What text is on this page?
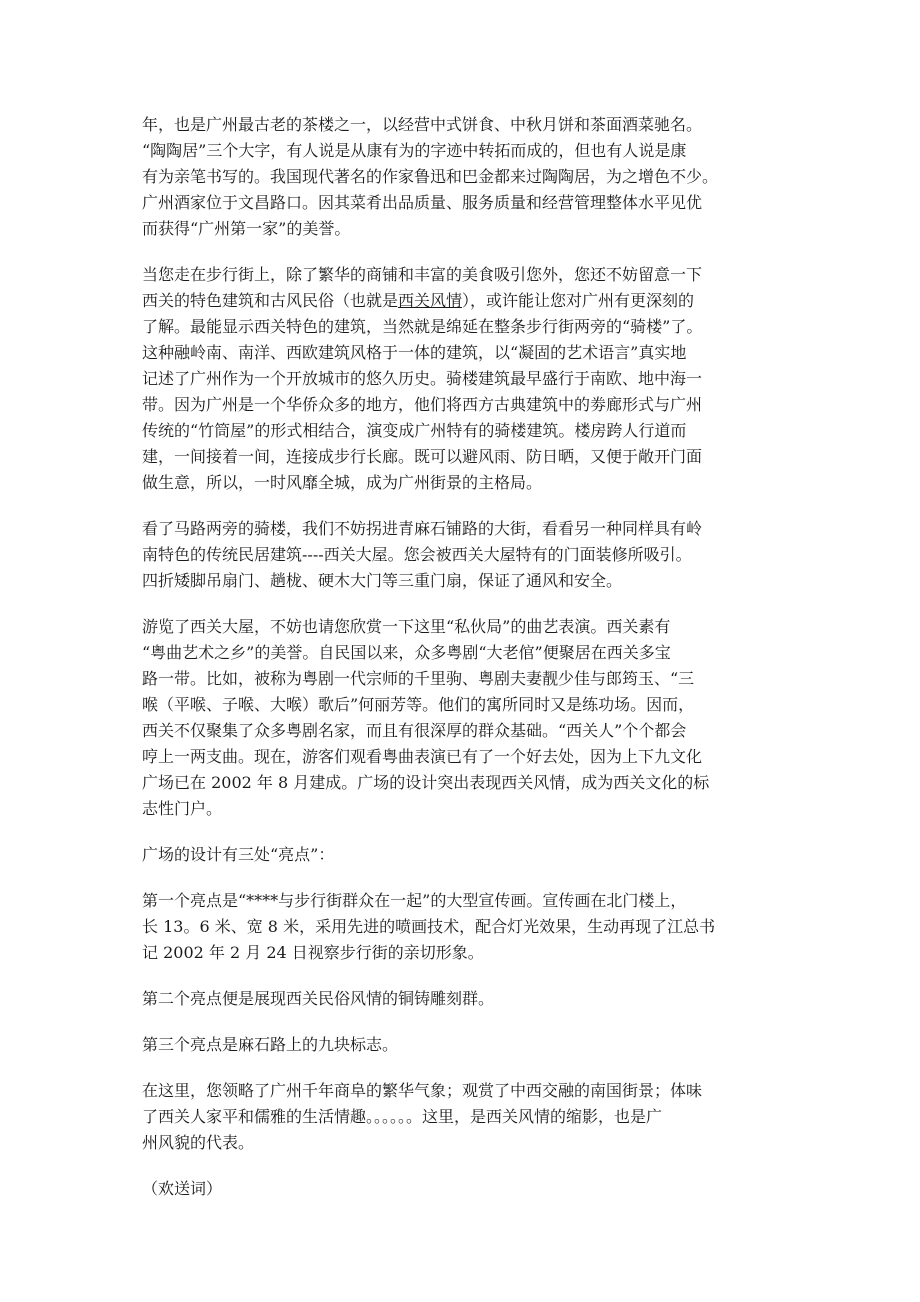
年，也是广州最古老的茶楼之一，以经营中式饼食、中秋月饼和茶面酒菜驰名。
“陶陶居”三个大字，有人说是从康有为的字迹中转拓而成的，但也有人说是康
有为亲笔书写的。我国现代著名的作家鲁迅和巴金都来过陶陶居，为之增色不少。
广州酒家位于文昌路口。因其菜肴出品质量、服务质量和经营管理整体水平见优
而获得“广州第一家”的美誉。

当您走在步行街上，除了繁华的商铺和丰富的美食吸引您外，您还不妨留意一下
西关的特色建筑和古风民俗（也就是西关风情），或许能让您对广州有更深刻的
了解。最能显示西关特色的建筑，当然就是绵延在整条步行街两旁的“骑楼”了。
这种融岭南、南洋、西欧建筑风格于一体的建筑，以“凝固的艺术语言”真实地
记述了广州作为一个开放城市的悠久历史。骑楼建筑最早盛行于南欧、地中海一
带。因为广州是一个华侨众多的地方，他们将西方古典建筑中的劵廊形式与广州
传统的“竹筒屋”的形式相结合，演变成广州特有的骑楼建筑。楼房跨人行道而
建，一间接着一间，连接成步行长廊。既可以避风雨、防日晒，又便于敞开门面
做生意，所以，一时风靡全城，成为广州街景的主格局。

看了马路两旁的骑楼，我们不妨拐进青麻石铺路的大街，看看另一种同样具有岭
南特色的传统民居建筑----西关大屋。您会被西关大屋特有的门面装修所吸引。
四折矮脚吊扇门、趟栊、硬木大门等三重门扇，保证了通风和安全。

游览了西关大屋，不妨也请您欣赏一下这里“私伙局”的曲艺表演。西关素有
“粤曲艺术之乡”的美誉。自民国以来，众多粤剧“大老倌”便聚居在西关多宝
路一带。比如，被称为粤剧一代宗师的千里驹、粤剧夫妻靓少佳与郎筠玉、“三
喉（平喉、子喉、大喉）歌后”何丽芳等。他们的寓所同时又是练功场。因而，
西关不仅聚集了众多粤剧名家，而且有很深厚的群众基础。“西关人”个个都会
哼上一两支曲。现在，游客们观看粤曲表演已有了一个好去处，因为上下九文化
广场已在 2002 年 8 月建成。广场的设计突出表现西关风情，成为西关文化的标
志性门户。

广场的设计有三处“亮点”：

第一个亮点是“****与步行街群众在一起”的大型宣传画。宣传画在北门楼上，
长 13。6 米、宽 8 米，采用先进的喷画技术，配合灯光效果，生动再现了江总书
记 2002 年 2 月 24 日视察步行街的亲切形象。

第二个亮点便是展现西关民俗风情的铜铸雕刻群。

第三个亮点是麻石路上的九块标志。

在这里，您领略了广州千年商阜的繁华气象；观赏了中西交融的南国街景；体味
了西关人家平和儒雅的生活情趣。。。。。。这里，是西关风情的缩影，也是广
州风貌的代表。

（欢送词）
